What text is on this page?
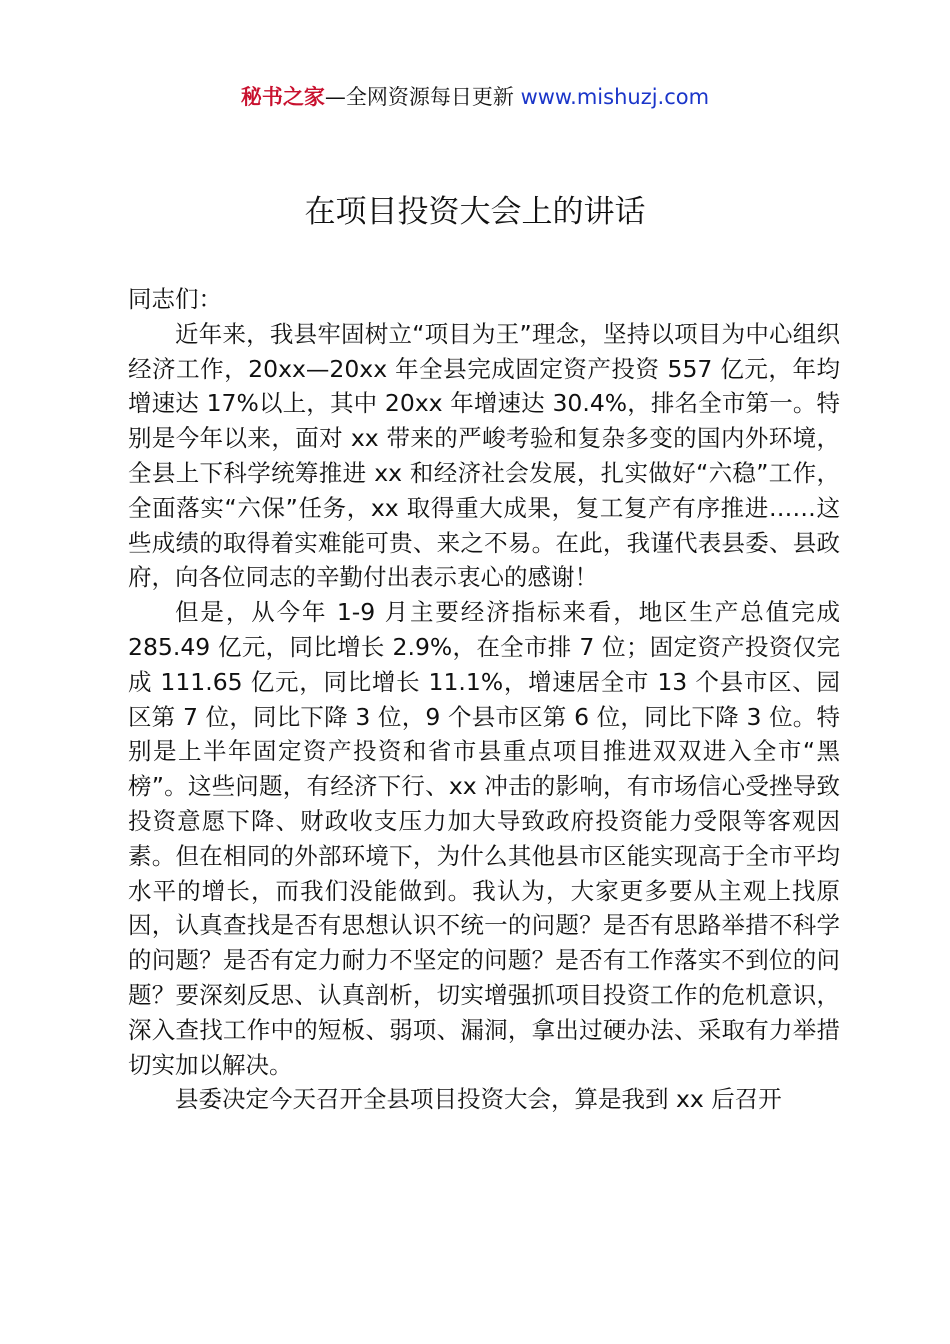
秘书之家—全网资源每日更新 www.mishuzj.com
在项目投资大会上的讲话

同志们：

近年来，我县牢固树立“项目为王”理念，坚持以项目为中心组织经济工作，20xx—20xx 年全县完成固定资产投资 557 亿元，年均增速达 17%以上，其中 20xx 年增速达 30.4%，排名全市第一。特别是今年以来，面对 xx 带来的严峻考验和复杂多变的国内外环境，全县上下科学统筹推进 xx 和经济社会发展，扎实做好“六稳”工作，全面落实“六保”任务，xx 取得重大成果，复工复产有序推进……这些成绩的取得着实难能可贵、来之不易。在此，我谨代表县委、县政府，向各位同志的辛勤付出表示衷心的感谢！

但是，从今年 1-9 月主要经济指标来看，地区生产总值完成 285.49 亿元，同比增长 2.9%，在全市排 7 位；固定资产投资仅完成 111.65 亿元，同比增长 11.1%，增速居全市 13 个县市区、园区第 7 位，同比下降 3 位，9 个县市区第 6 位，同比下降 3 位。特别是上半年固定资产投资和省市县重点项目推进双双进入全市“黑榜”。这些问题，有经济下行、xx 冲击的影响，有市场信心受挫导致投资意愿下降、财政收支压力加大导致政府投资能力受限等客观因素。但在相同的外部环境下，为什么其他县市区能实现高于全市平均水平的增长，而我们没能做到。我认为，大家更多要从主观上找原因，认真查找是否有思想认识不统一的问题？是否有思路举措不科学的问题？是否有定力耐力不坚定的问题？是否有工作落实不到位的问题？要深刻反思、认真剖析，切实增强抓项目投资工作的危机意识，深入查找工作中的短板、弱项、漏洞，拿出过硬办法、采取有力举措切实加以解决。

县委决定今天召开全县项目投资大会，算是我到 xx 后召开
